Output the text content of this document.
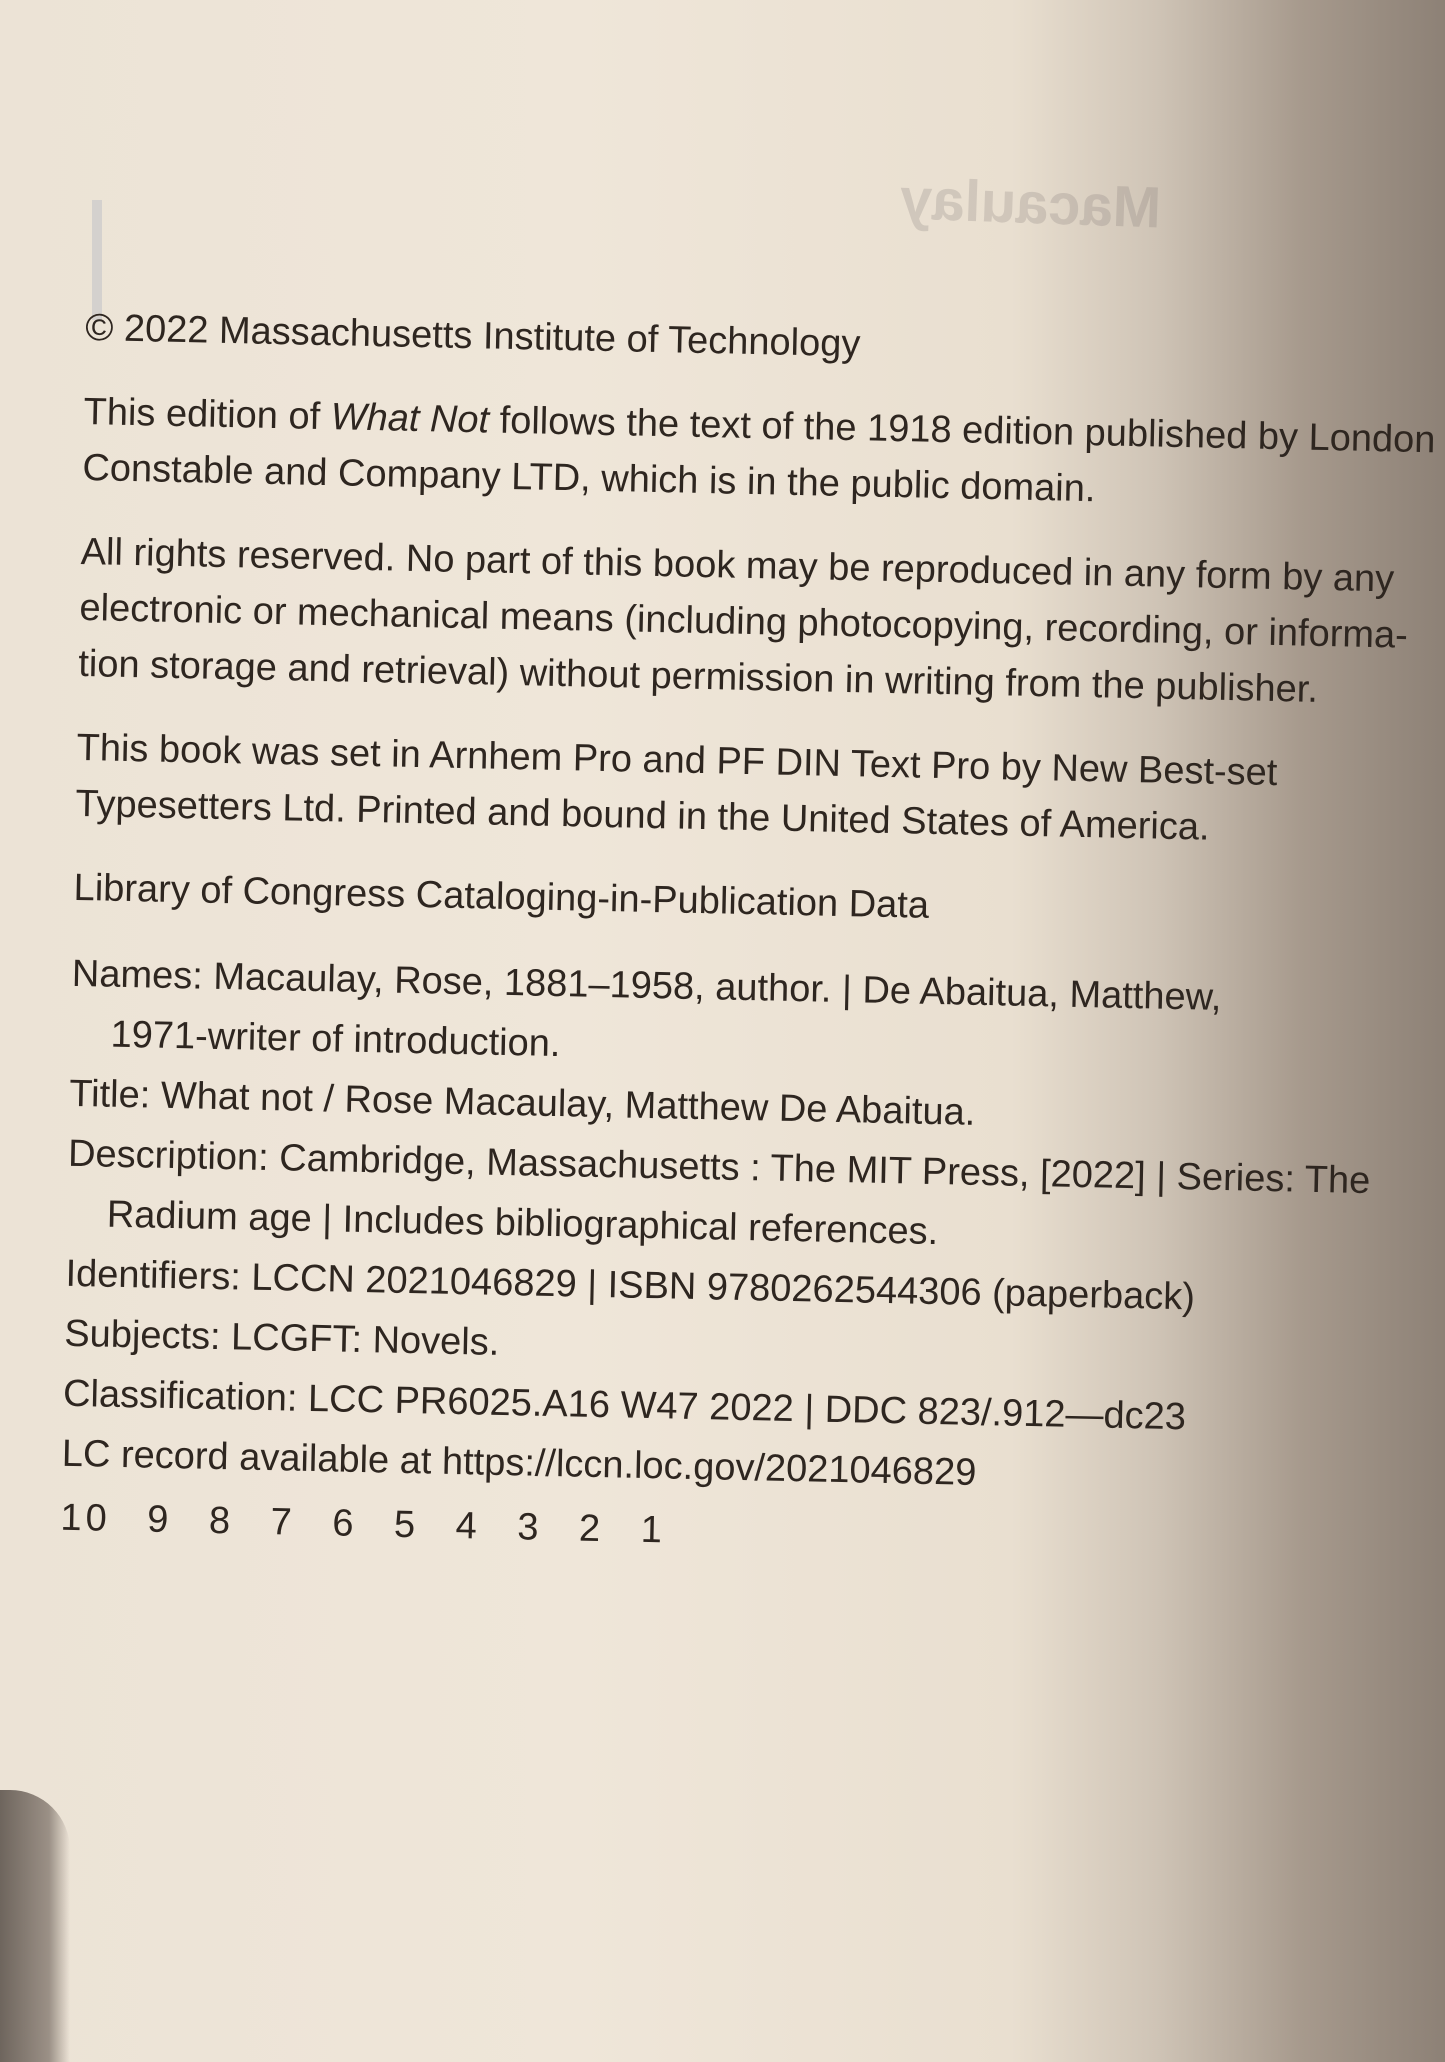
Macaulay
© 2022 Massachusetts Institute of Technology
This edition of What Not follows the text of the 1918 edition published by London
Constable and Company LTD, which is in the public domain.
All rights reserved. No part of this book may be reproduced in any form by any
electronic or mechanical means (including photocopying, recording, or informa-
tion storage and retrieval) without permission in writing from the publisher.
This book was set in Arnhem Pro and PF DIN Text Pro by New Best-set
Typesetters Ltd. Printed and bound in the United States of America.
Library of Congress Cataloging-in-Publication Data
Names: Macaulay, Rose, 1881–1958, author. | De Abaitua, Matthew,
1971-writer of introduction.
Title: What not / Rose Macaulay, Matthew De Abaitua.
Description: Cambridge, Massachusetts : The MIT Press, [2022] | Series: The
Radium age | Includes bibliographical references.
Identifiers: LCCN 2021046829 | ISBN 9780262544306 (paperback)
Subjects: LCGFT: Novels.
Classification: LCC PR6025.A16 W47 2022 | DDC 823/.912—dc23
LC record available at https://lccn.loc.gov/2021046829
10 9 8 7 6 5 4 3 2 1
